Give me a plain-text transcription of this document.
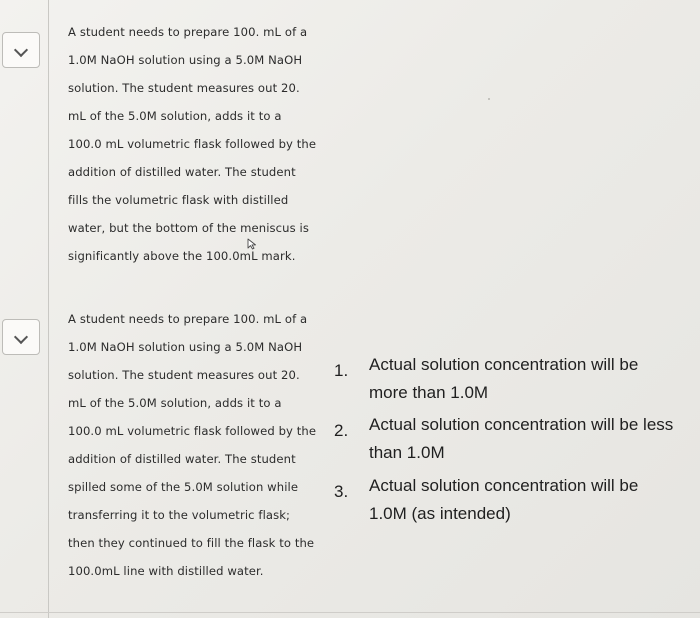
A student needs to prepare 100. mL of a 1.0M NaOH solution using a 5.0M NaOH solution. The student measures out 20. mL of the 5.0M solution, adds it to a 100.0 mL volumetric flask followed by the addition of distilled water. The student fills the volumetric flask with distilled water, but the bottom of the meniscus is significantly above the 100.0mL mark.

A student needs to prepare 100. mL of a 1.0M NaOH solution using a 5.0M NaOH solution. The student measures out 20. mL of the 5.0M solution, adds it to a 100.0 mL volumetric flask followed by the addition of distilled water. The student spilled some of the 5.0M solution while transferring it to the volumetric flask; then they continued to fill the flask to the 100.0mL line with distilled water.

1. Actual solution concentration will be more than 1.0M
2. Actual solution concentration will be less than 1.0M
3. Actual solution concentration will be 1.0M (as intended)
